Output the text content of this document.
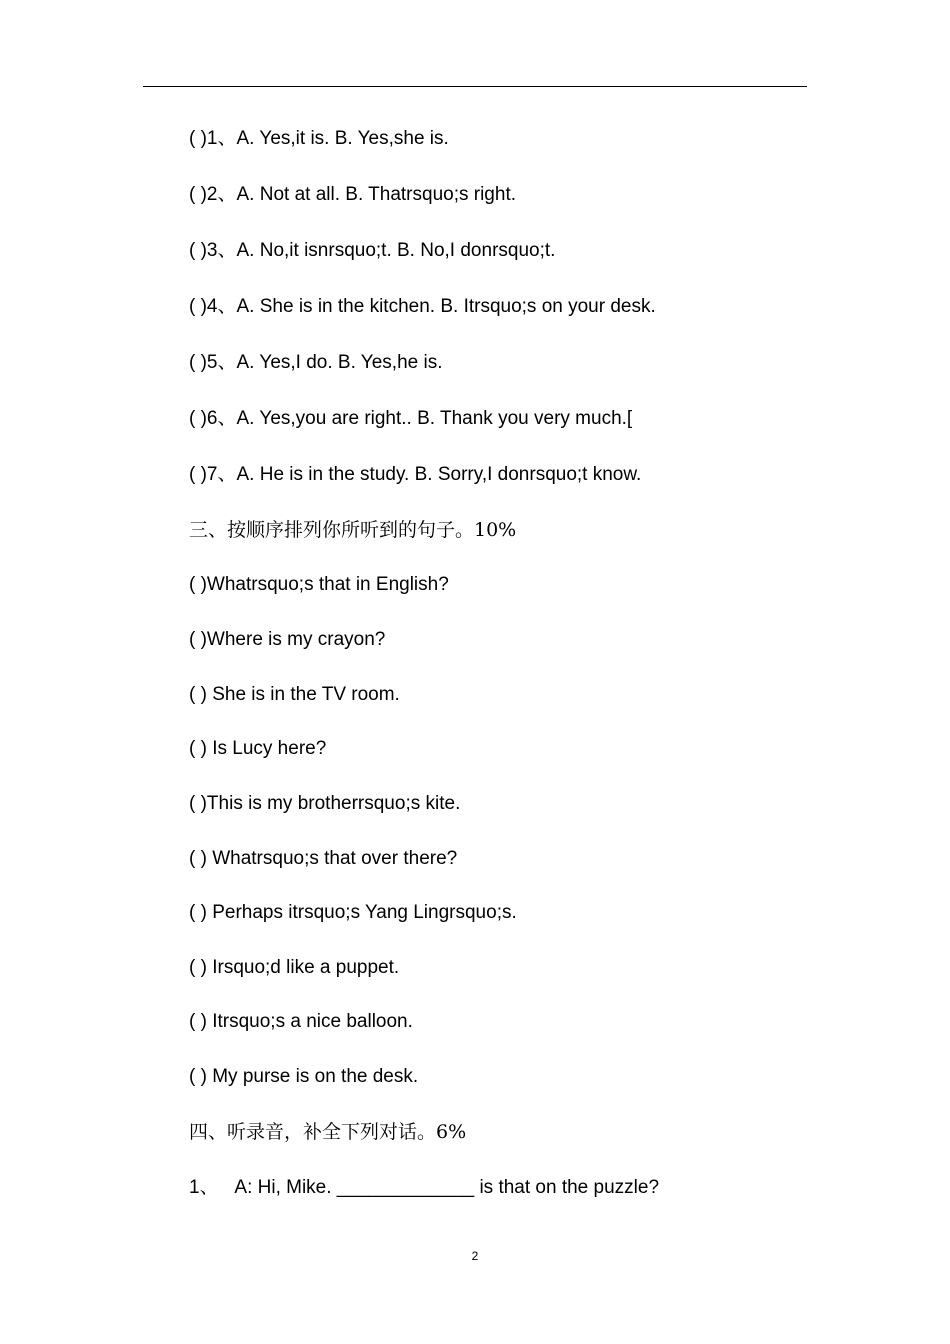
( )1、A. Yes,it is. B. Yes,she is.
( )2、A. Not at all. B. Thatrsquo;s right.
( )3、A. No,it isnrsquo;t. B. No,I donrsquo;t.
( )4、A. She is in the kitchen. B. Itrsquo;s on your desk.
( )5、A. Yes,I do. B. Yes,he is.
( )6、A. Yes,you are right.. B. Thank you very much.[
( )7、A. He is in the study. B. Sorry,I donrsquo;t know.
三、按顺序排列你所听到的句子。10%
( )Whatrsquo;s that in English?
( )Where is my crayon?
( ) She is in the TV room.
( ) Is Lucy here?
( )This is my brotherrsquo;s kite.
( ) Whatrsquo;s that over there?
( ) Perhaps itrsquo;s Yang Lingrsquo;s.
( ) Irsquo;d like a puppet.
( ) Itrsquo;s a nice balloon.
( ) My purse is on the desk.
四、听录音，补全下列对话。6%
1、   A: Hi, Mike. _____________ is that on the puzzle?
2
